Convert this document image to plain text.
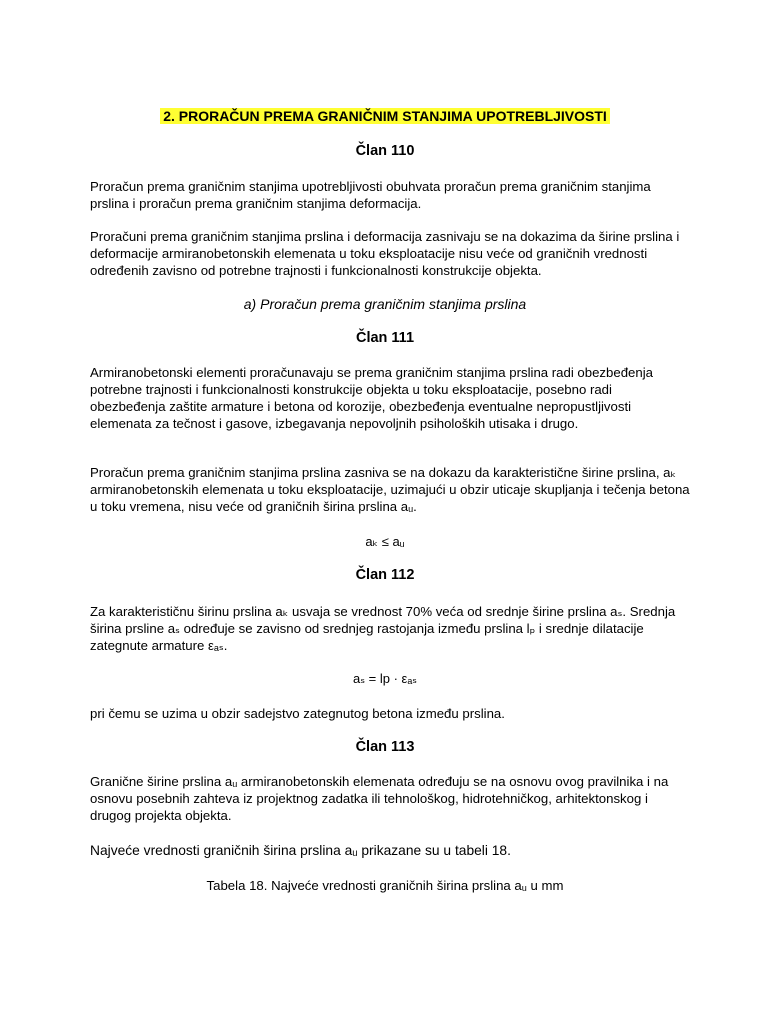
2. PRORAČUN PREMA GRANIČNIM STANJIMA UPOTREBLJIVOSTI
Član 110

Proračun prema graničnim stanjima upotrebljivosti obuhvata proračun prema graničnim stanjima prslina i proračun prema graničnim stanjima deformacija.

Proračuni prema graničnim stanjima prslina i deformacija zasnivaju se na dokazima da širine prslina i deformacije armiranobetonskih elemenata u toku eksploatacije nisu veće od graničnih vrednosti određenih zavisno od potrebne trajnosti i funkcionalnosti konstrukcije objekta.

a) Proračun prema graničnim stanjima prslina
Član 111

Armiranobetonski elementi proračunavaju se prema graničnim stanjima prslina radi obezbeđenja potrebne trajnosti i funkcionalnosti konstrukcije objekta u toku eksploatacije, posebno radi obezbeđenja zaštite armature i betona od korozije, obezbeđenja eventualne nepropustljivosti elemenata za tečnost i gasove, izbegavanja nepovoljnih psiholoških utisaka i drugo.

Proračun prema graničnim stanjima prslina zasniva se na dokazu da karakteristične širine prslina, aₖ armiranobetonskih elemenata u toku eksploatacije, uzimajući u obzir uticaje skupljanja i tečenja betona u toku vremena, nisu veće od graničnih širina prslina aᵤ.

aₖ ≤ aᵤ
Član 112

Za karakterističnu širinu prslina aₖ usvaja se vrednost 70% veća od srednje širine prslina aₛ. Srednja širina prsline aₛ određuje se zavisno od srednjeg rastojanja između prslina lₚ i srednje dilatacije zategnute armature εₐₛ.

aₛ = lp · εₐₛ

pri čemu se uzima u obzir sadejstvo zategnutog betona između prslina.

Član 113

Granične širine prslina aᵤ armiranobetonskih elemenata određuju se na osnovu ovog pravilnika i na osnovu posebnih zahteva iz projektnog zadatka ili tehnološkog, hidrotehničkog, arhitektonskog i drugog projekta objekta.

Najveće vrednosti graničnih širina prslina aᵤ prikazane su u tabeli 18.

Tabela 18. Najveće vrednosti graničnih širina prslina aᵤ u mm
